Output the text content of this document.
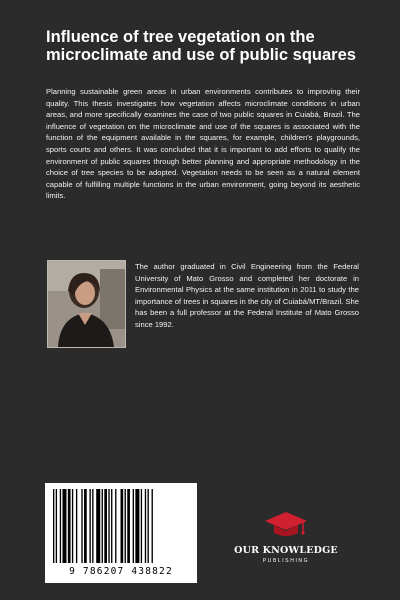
Influence of tree vegetation on the microclimate and use of public squares

Planning sustainable green areas in urban environments contributes to improving their quality. This thesis investigates how vegetation affects microclimate conditions in urban areas, and more specifically examines the case of two public squares in Cuiabá, Brazil. The influence of vegetation on the microclimate and use of the squares is associated with the function of the equipment available in the squares, for example, children's playgrounds, sports courts and others. It was concluded that it is important to add efforts to qualify the environment of public squares through better planning and appropriate methodology in the choice of tree species to be adopted. Vegetation needs to be seen as a natural element capable of fulfilling multiple functions in the urban environment, going beyond its aesthetic limits.

The author graduated in Civil Engineering from the Federal University of Mato Grosso and completed her doctorate in Environmental Physics at the same institution in 2011 to study the importance of trees in squares in the city of Cuiabá/MT/Brazil. She has been a full professor at the Federal Institute of Mato Grosso since 1992.

9 786207 438822
OUR KNOWLEDGE
PUBLISHING
